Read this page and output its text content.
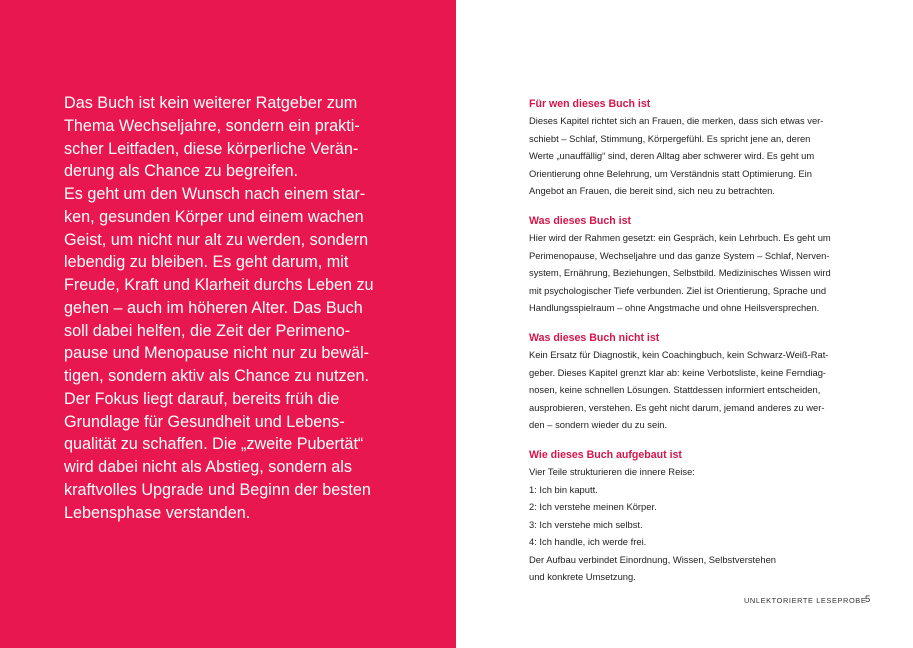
Das Buch ist kein weiterer Ratgeber zum
Thema Wechseljahre, sondern ein prakti-
scher Leitfaden, diese körperliche Verän-
derung als Chance zu begreifen.
Es geht um den Wunsch nach einem star-
ken, gesunden Körper und einem wachen
Geist, um nicht nur alt zu werden, sondern
lebendig zu bleiben. Es geht darum, mit
Freude, Kraft und Klarheit durchs Leben zu
gehen – auch im höheren Alter. Das Buch
soll dabei helfen, die Zeit der Perimeno-
pause und Menopause nicht nur zu bewäl-
tigen, sondern aktiv als Chance zu nutzen.
Der Fokus liegt darauf, bereits früh die
Grundlage für Gesundheit und Lebens-
qualität zu schaffen. Die „zweite Pubertät“
wird dabei nicht als Abstieg, sondern als
kraftvolles Upgrade und Beginn der besten
Lebensphase verstanden.
Für wen dieses Buch ist
Dieses Kapitel richtet sich an Frauen, die merken, dass sich etwas ver-
schiebt – Schlaf, Stimmung, Körpergefühl. Es spricht jene an, deren
Werte „unauffällig“ sind, deren Alltag aber schwerer wird. Es geht um
Orientierung ohne Belehrung, um Verständnis statt Optimierung. Ein
Angebot an Frauen, die bereit sind, sich neu zu betrachten.
Was dieses Buch ist
Hier wird der Rahmen gesetzt: ein Gespräch, kein Lehrbuch. Es geht um
Perimenopause, Wechseljahre und das ganze System – Schlaf, Nerven-
system, Ernährung, Beziehungen, Selbstbild. Medizinisches Wissen wird
mit psychologischer Tiefe verbunden. Ziel ist Orientierung, Sprache und
Handlungsspielraum – ohne Angstmache und ohne Heilsversprechen.
Was dieses Buch nicht ist
Kein Ersatz für Diagnostik, kein Coachingbuch, kein Schwarz-Weiß-Rat-
geber. Dieses Kapitel grenzt klar ab: keine Verbotsliste, keine Ferndiag-
nosen, keine schnellen Lösungen. Stattdessen informiert entscheiden,
ausprobieren, verstehen. Es geht nicht darum, jemand anderes zu wer-
den – sondern wieder du zu sein.
Wie dieses Buch aufgebaut ist
Vier Teile strukturieren die innere Reise:
1: Ich bin kaputt.
2: Ich verstehe meinen Körper.
3: Ich verstehe mich selbst.
4: Ich handle, ich werde frei.
Der Aufbau verbindet Einordnung, Wissen, Selbstverstehen
und konkrete Umsetzung.
UNLEKTORIERTE LESEPROBE
5
